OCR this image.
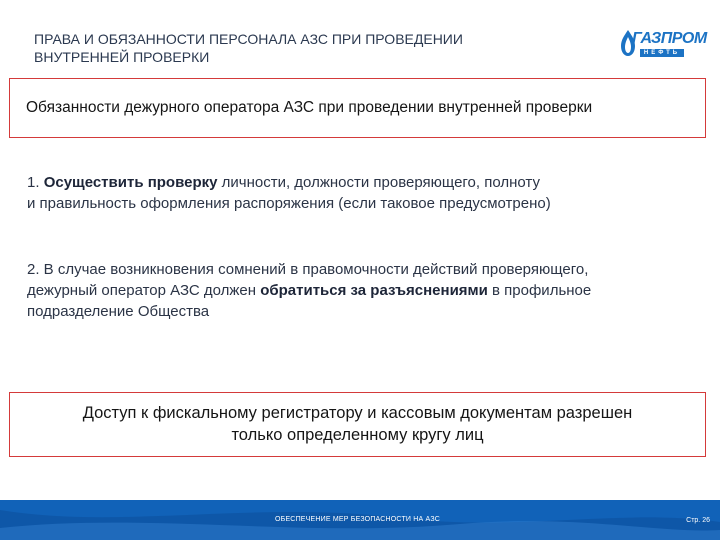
ПРАВА И ОБЯЗАННОСТИ ПЕРСОНАЛА АЗС ПРИ ПРОВЕДЕНИИ
ВНУТРЕННЕЙ ПРОВЕРКИ
ГАЗПРОМ
НЕФТЬ
Обязанности дежурного оператора АЗС при проведении внутренней проверки
1. Осуществить проверку личности, должности проверяющего, полноту
и правильность оформления распоряжения (если таковое предусмотрено)
2. В случае возникновения сомнений в правомочности действий проверяющего,
дежурный оператор АЗС должен обратиться за разъяснениями в профильное
подразделение Общества
Доступ к фискальному регистратору и кассовым документам разрешен
только определенному кругу лиц
ОБЕСПЕЧЕНИЕ МЕР БЕЗОПАСНОСТИ НА АЗС	Стр. 26
